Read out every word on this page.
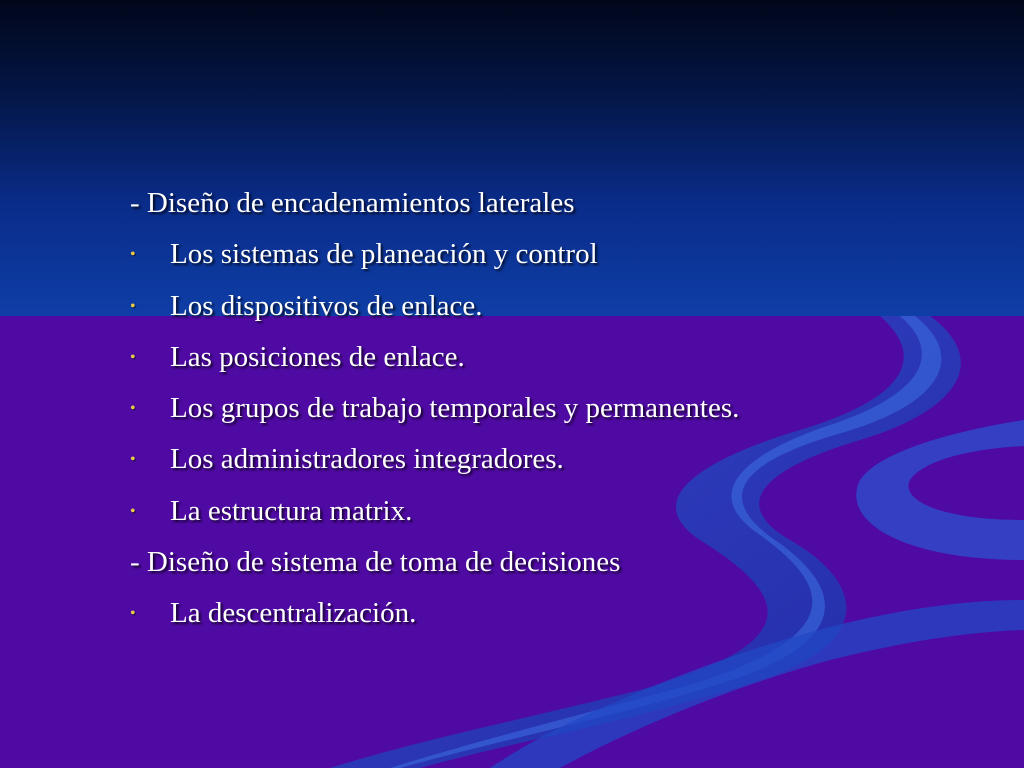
- Diseño de encadenamientos laterales
• Los sistemas de planeación y control
• Los dispositivos de enlace.
• Las posiciones de enlace.
• Los grupos de trabajo temporales y permanentes.
• Los administradores integradores.
• La estructura matrix.
- Diseño de sistema de toma de decisiones
• La descentralización.
